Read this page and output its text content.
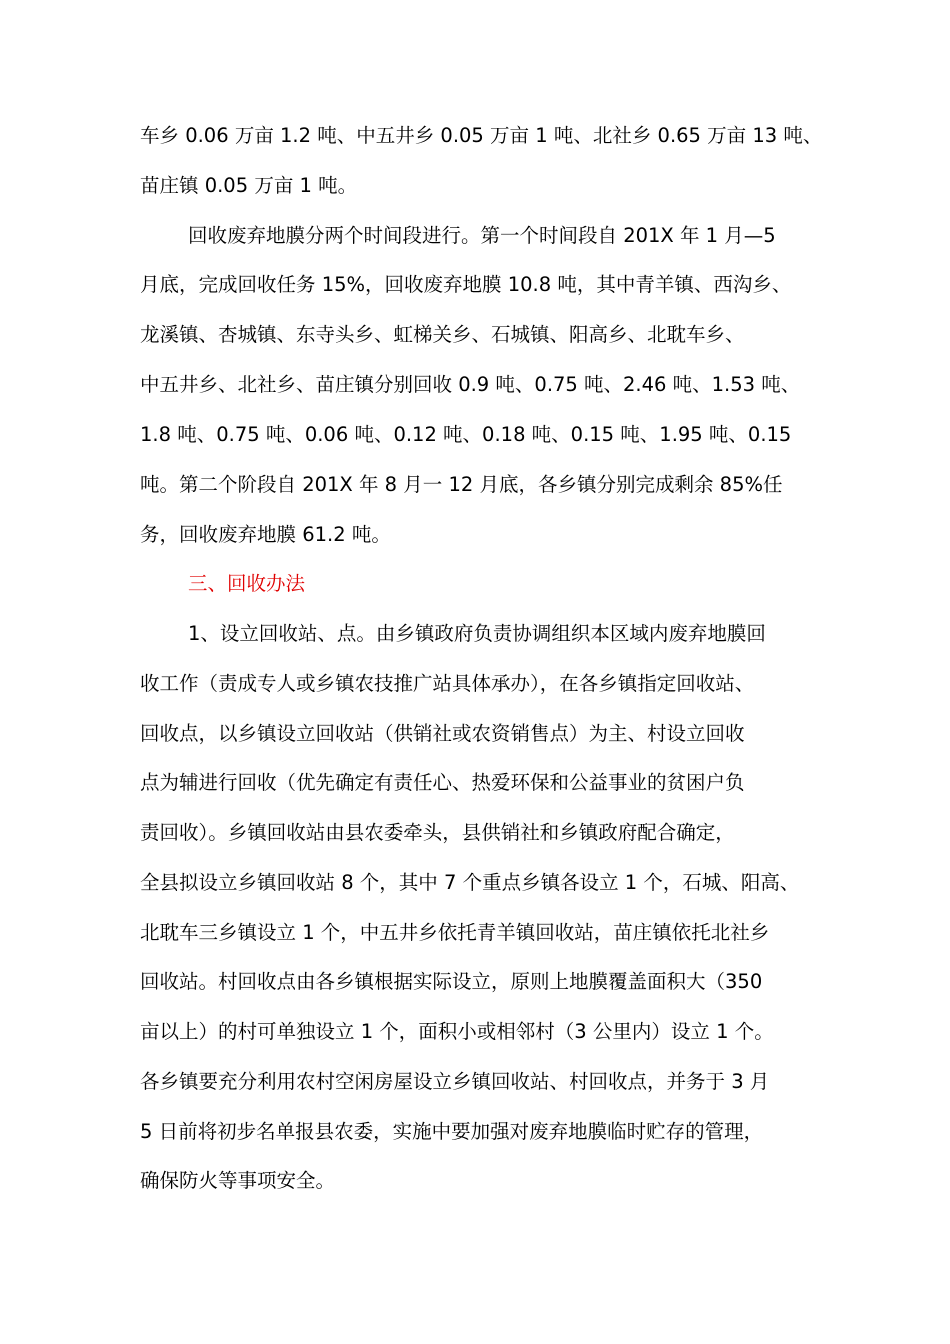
车乡 0.06 万亩 1.2 吨、中五井乡 0.05 万亩 1 吨、北社乡 0.65 万亩 13 吨、
苗庄镇 0.05 万亩 1 吨。
回收废弃地膜分两个时间段进行。第一个时间段自 201X 年 1 月—5
月底，完成回收任务 15%，回收废弃地膜 10.8 吨，其中青羊镇、西沟乡、
龙溪镇、杏城镇、东寺头乡、虹梯关乡、石城镇、阳高乡、北耽车乡、
中五井乡、北社乡、苗庄镇分别回收 0.9 吨、0.75 吨、2.46 吨、1.53 吨、
1.8 吨、0.75 吨、0.06 吨、0.12 吨、0.18 吨、0.15 吨、1.95 吨、0.15
吨。第二个阶段自 201X 年 8 月一 12 月底，各乡镇分别完成剩余 85%任
务，回收废弃地膜 61.2 吨。
三、回收办法
1、设立回收站、点。由乡镇政府负责协调组织本区域内废弃地膜回
收工作（责成专人或乡镇农技推广站具体承办），在各乡镇指定回收站、
回收点，以乡镇设立回收站（供销社或农资销售点）为主、村设立回收
点为辅进行回收（优先确定有责任心、热爱环保和公益事业的贫困户负
责回收）。乡镇回收站由县农委牵头，县供销社和乡镇政府配合确定，
全县拟设立乡镇回收站 8 个，其中 7 个重点乡镇各设立 1 个，石城、阳高、
北耽车三乡镇设立 1 个，中五井乡依托青羊镇回收站，苗庄镇依托北社乡
回收站。村回收点由各乡镇根据实际设立，原则上地膜覆盖面积大（350
亩以上）的村可单独设立 1 个，面积小或相邻村（3 公里内）设立 1 个。
各乡镇要充分利用农村空闲房屋设立乡镇回收站、村回收点，并务于 3 月
5 日前将初步名单报县农委，实施中要加强对废弃地膜临时贮存的管理，
确保防火等事项安全。
